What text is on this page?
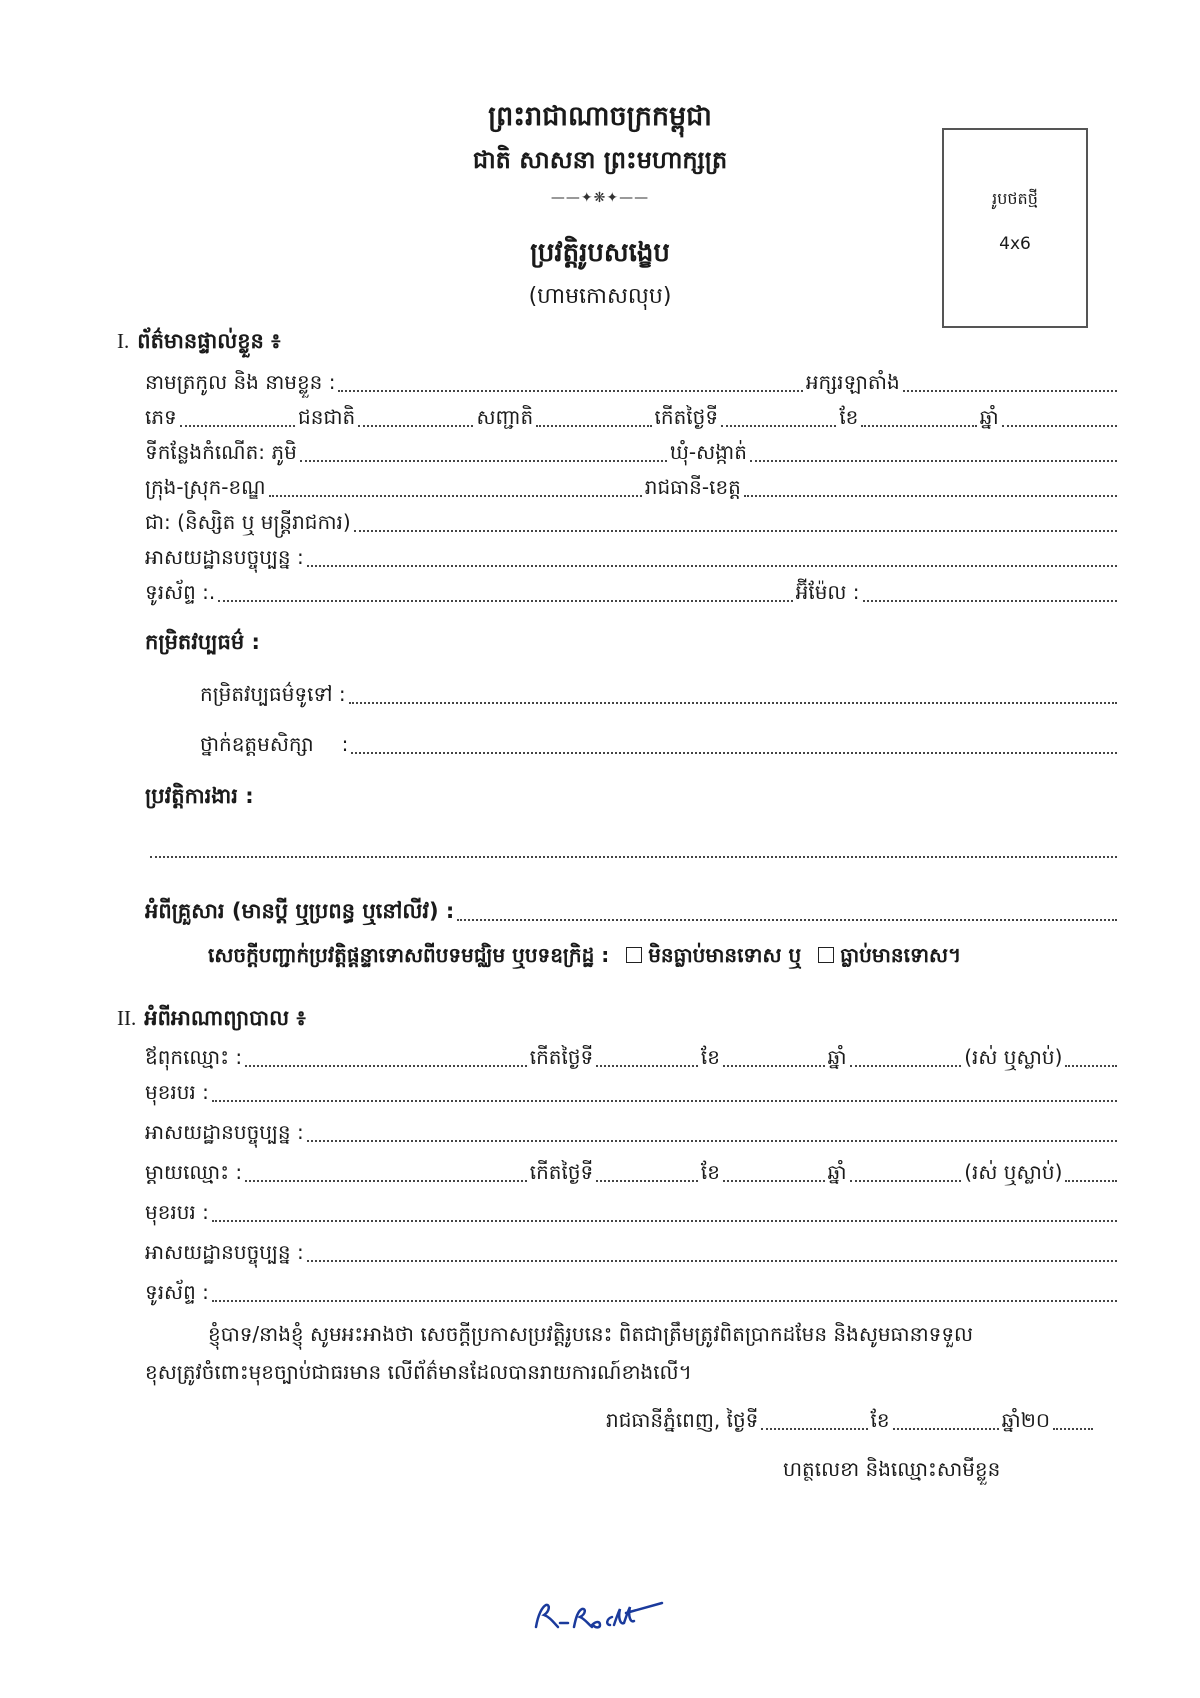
ព្រះរាជាណាចក្រកម្ពុជា
ជាតិ សាសនា ព្រះមហាក្សត្រ
——✦❋✦——
ប្រវត្តិរូបសង្ខេប
(ហាមកោសលុប)
រូបថតថ្មី
4x6
I. ព័ត៌មានផ្ទាល់ខ្លួន ៖
នាមត្រកូល និង នាមខ្លួន :	អក្សរឡាតាំង
ភេទ	ជនជាតិ	សញ្ជាតិ	កើតថ្ងៃទី	ខែ	ឆ្នាំ
ទីកន្លែងកំណើត: ភូមិ	ឃុំ-សង្កាត់
ក្រុង-ស្រុក-ខណ្ឌ	រាជធានី-ខេត្ត
ជា: (និស្សិត ឬ មន្ត្រីរាជការ)
អាសយដ្ឋានបច្ចុប្បន្ន :
ទូរស័ព្ទ :.	អ៊ីម៉ែល :
កម្រិតវប្បធម៌ :
កម្រិតវប្បធម៌ទូទៅ :
ថ្នាក់ឧត្តមសិក្សា :
ប្រវត្តិការងារ :
អំពីគ្រួសារ (មានប្ដី ឬប្រពន្ធ ឬនៅលីវ) :
សេចក្ដីបញ្ជាក់ប្រវត្តិផ្ដន្ទាទោសពីបទមជ្ឈិម ឬបទឧក្រិដ្ឋ : មិនធ្លាប់មានទោស ឬ ធ្លាប់មានទោស។
II. អំពីអាណាព្យាបាល ៖
ឪពុកឈ្មោះ :	កើតថ្ងៃទី	ខែ	ឆ្នាំ	(រស់ ឬស្លាប់)
មុខរបរ :
អាសយដ្ឋានបច្ចុប្បន្ន :
ម្ដាយឈ្មោះ :	កើតថ្ងៃទី	ខែ	ឆ្នាំ	(រស់ ឬស្លាប់)
មុខរបរ :
អាសយដ្ឋានបច្ចុប្បន្ន :
ទូរស័ព្ទ :
ខ្ញុំបាទ/នាងខ្ញុំ សូមអះអាងថា សេចក្តីប្រកាសប្រវត្តិរូបនេះ ពិតជាត្រឹមត្រូវពិតប្រាកដមែន និងសូមធានាទទួល
ខុសត្រូវចំពោះមុខច្បាប់ជាធរមាន លើព័ត៌មានដែលបានរាយការណ៍ខាងលើ។
រាជធានីភ្នំពេញ, ថ្ងៃទី	ខែ	ឆ្នាំ២០
ហត្ថលេខា និងឈ្មោះសាមីខ្លួន
